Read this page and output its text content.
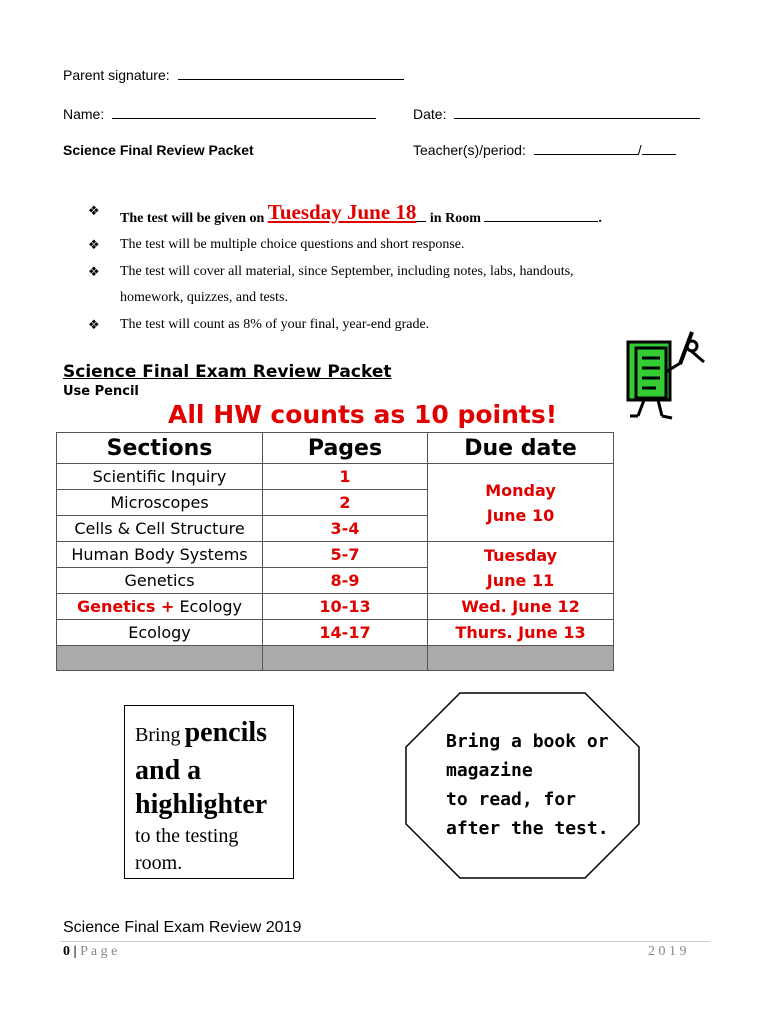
Parent signature:
Name:	Date:
Science Final Review Packet	Teacher(s)/period:	/
❖
The test will be given on Tuesday June 18 in Room	.
❖ The test will be multiple choice questions and short response.
❖ The test will cover all material, since September, including notes, labs, handouts,
homework, quizzes, and tests.
❖ The test will count as 8% of your final, year-end grade.
Science Final Exam Review Packet
Use Pencil
All HW counts as 10 points!
Sections	Pages	Due date
Scientific Inquiry	1	Monday
June 10

Microscopes	2	
Cells & Cell Structure	3-4	
Human Body Systems	5-7	Tuesday
June 11

Genetics	8-9	
Genetics + Ecology	10-13	Wed. June 12
Ecology	14-17	Thurs. June 13

Bring pencils
and a
highlighter
to the testing
room.
Bring a book or
magazine
to read, for
after the test.
Science Final Exam Review 2019
0 | P a g e	2 0 1 9
